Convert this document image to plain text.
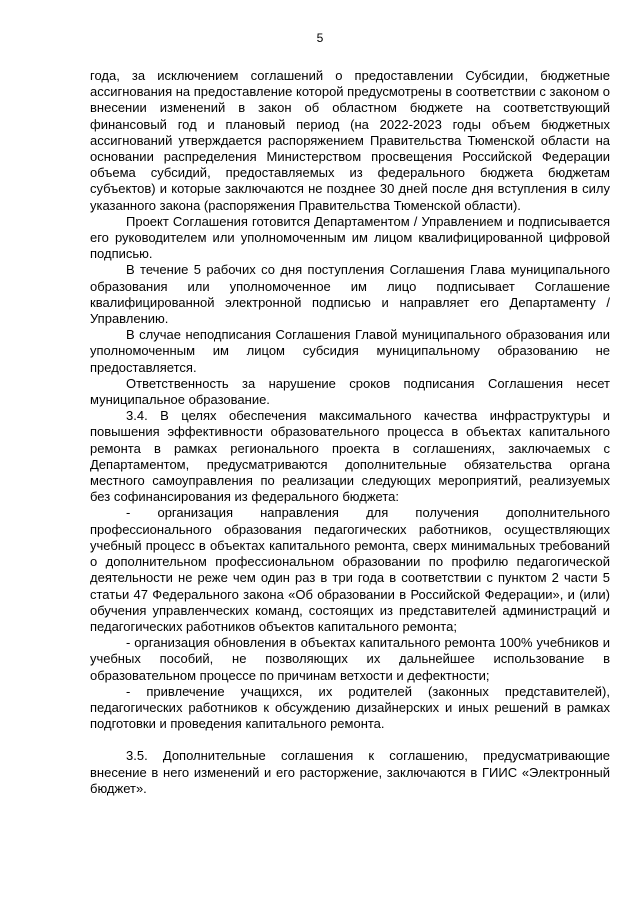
5

года, за исключением соглашений о предоставлении Субсидии, бюджетные ассигнования на предоставление которой предусмотрены в соответствии с законом о внесении изменений в закон об областном бюджете на соответствующий финансовый год и плановый период (на 2022-2023 годы объем бюджетных ассигнований утверждается распоряжением Правительства Тюменской области на основании распределения Министерством просвещения Российской Федерации объема субсидий, предоставляемых из федерального бюджета бюджетам субъектов) и которые заключаются не позднее 30 дней после дня вступления в силу указанного закона (распоряжения Правительства Тюменской области).

Проект Соглашения готовится Департаментом / Управлением и подписывается его руководителем или уполномоченным им лицом квалифицированной цифровой подписью.

В течение 5 рабочих со дня поступления Соглашения Глава муниципального образования или уполномоченное им лицо подписывает Соглашение квалифицированной электронной подписью и направляет его Департаменту / Управлению.

В случае неподписания Соглашения Главой муниципального образования или уполномоченным им лицом субсидия муниципальному образованию не предоставляется.

Ответственность за нарушение сроков подписания Соглашения несет муниципальное образование.

3.4. В целях обеспечения максимального качества инфраструктуры и повышения эффективности образовательного процесса в объектах капитального ремонта в рамках регионального проекта в соглашениях, заключаемых с Департаментом, предусматриваются дополнительные обязательства органа местного самоуправления по реализации следующих мероприятий, реализуемых без софинансирования из федерального бюджета:

- организация направления для получения дополнительного профессионального образования педагогических работников, осуществляющих учебный процесс в объектах капитального ремонта, сверх минимальных требований о дополнительном профессиональном образовании по профилю педагогической деятельности не реже чем один раз в три года в соответствии с пунктом 2 части 5 статьи 47 Федерального закона «Об образовании в Российской Федерации», и (или) обучения управленческих команд, состоящих из представителей администраций и педагогических работников объектов капитального ремонта;

- организация обновления в объектах капитального ремонта 100% учебников и учебных пособий, не позволяющих их дальнейшее использование в образовательном процессе по причинам ветхости и дефектности;

- привлечение учащихся, их родителей (законных представителей), педагогических работников к обсуждению дизайнерских и иных решений в рамках подготовки и проведения капитального ремонта.

3.5. Дополнительные соглашения к соглашению, предусматривающие внесение в него изменений и его расторжение, заключаются в ГИИС «Электронный бюджет».
